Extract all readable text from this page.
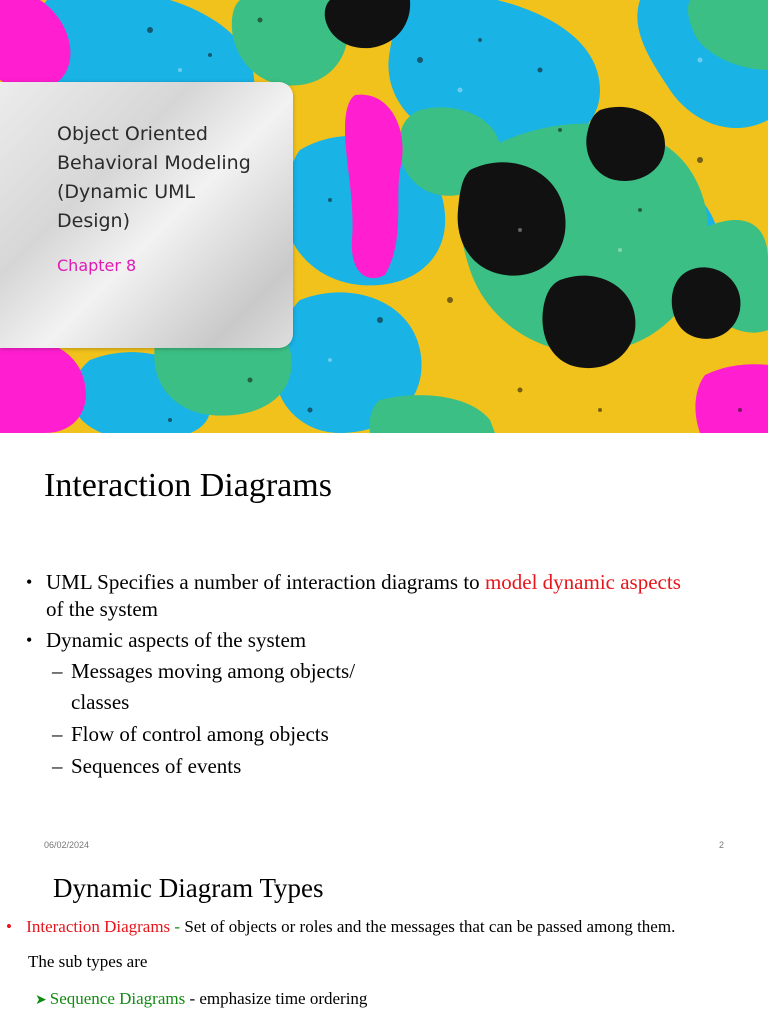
Object Oriented
Behavioral Modeling
(Dynamic UML
Design)
Chapter 8
Interaction Diagrams
• UML Specifies a number of interaction diagrams to model dynamic aspects
of the system
• Dynamic aspects of the system
– Messages moving among objects/
classes
– Flow of control among objects
– Sequences of events
06/02/2024	2
Dynamic Diagram Types
• Interaction Diagrams - Set of objects or roles and the messages that can be passed among them.
The sub types are
➤ Sequence Diagrams - emphasize time ordering
